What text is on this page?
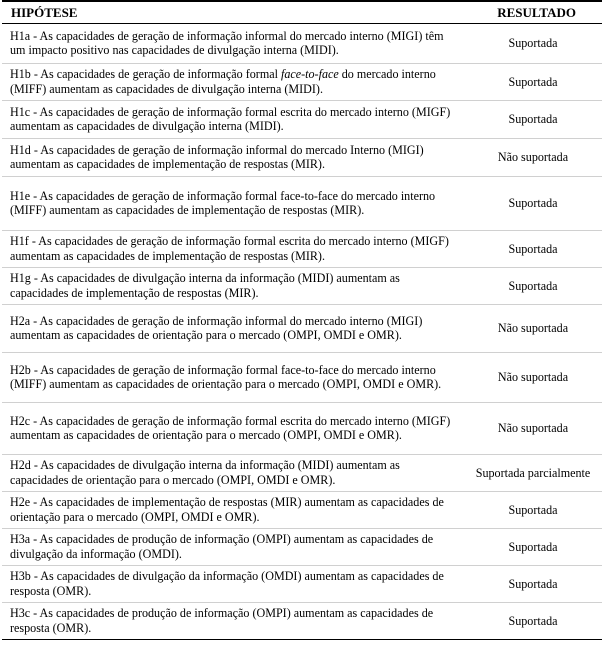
HIPÓTESE	RESULTADO
H1a - As capacidades de geração de informação informal do mercado interno (MIGI) têm um impacto positivo nas capacidades de divulgação interna (MIDI).	Suportada
H1b - As capacidades de geração de informação formal face-to-face do mercado interno (MIFF) aumentam as capacidades de divulgação interna (MIDI).	Suportada
H1c - As capacidades de geração de informação formal escrita do mercado interno (MIGF) aumentam as capacidades de divulgação interna (MIDI).	Suportada
H1d - As capacidades de geração de informação informal do mercado Interno (MIGI) aumentam as capacidades de implementação de respostas (MIR).	Não suportada
H1e - As capacidades de geração de informação formal face-to-face do mercado interno (MIFF) aumentam as capacidades de implementação de respostas (MIR).	Suportada
H1f - As capacidades de geração de informação formal escrita do mercado interno (MIGF) aumentam as capacidades de implementação de respostas (MIR).	Suportada
H1g - As capacidades de divulgação interna da informação (MIDI) aumentam as capacidades de implementação de respostas (MIR).	Suportada
H2a - As capacidades de geração de informação informal do mercado interno (MIGI) aumentam as capacidades de orientação para o mercado (OMPI, OMDI e OMR).	Não suportada
H2b - As capacidades de geração de informação formal face-to-face do mercado interno (MIFF) aumentam as capacidades de orientação para o mercado (OMPI, OMDI e OMR).	Não suportada
H2c - As capacidades de geração de informação formal escrita do mercado interno (MIGF) aumentam as capacidades de orientação para o mercado (OMPI, OMDI e OMR).	Não suportada
H2d - As capacidades de divulgação interna da informação (MIDI) aumentam as capacidades de orientação para o mercado (OMPI, OMDI e OMR).	Suportada parcialmente
H2e - As capacidades de implementação de respostas (MIR) aumentam as capacidades de orientação para o mercado (OMPI, OMDI e OMR).	Suportada
H3a - As capacidades de produção de informação (OMPI) aumentam as capacidades de divulgação da informação (OMDI).	Suportada
H3b - As capacidades de divulgação da informação (OMDI) aumentam as capacidades de resposta (OMR).	Suportada
H3c - As capacidades de produção de informação (OMPI) aumentam as capacidades de resposta (OMR).	Suportada
